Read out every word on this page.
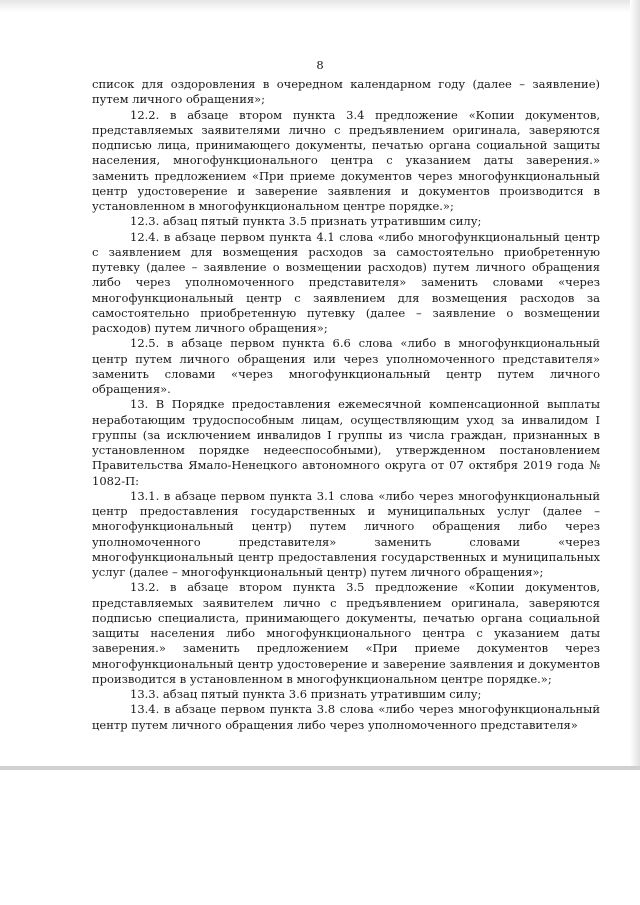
8

список для оздоровления в очередном календарном году (далее – заявление) путем личного обращения»;

12.2. в абзаце втором пункта 3.4 предложение «Копии документов, представляемых заявителями лично с предъявлением оригинала, заверяются подписью лица, принимающего документы, печатью органа социальной защиты населения, многофункционального центра с указанием даты заверения.» заменить предложением «При приеме документов через многофункциональный центр удостоверение и заверение заявления и документов производится в установленном в многофункциональном центре порядке.»;

12.3. абзац пятый пункта 3.5 признать утратившим силу;

12.4. в абзаце первом пункта 4.1 слова «либо многофункциональный центр с заявлением для возмещения расходов за самостоятельно приобретенную путевку (далее – заявление о возмещении расходов) путем личного обращения либо через уполномоченного представителя» заменить словами «через многофункциональный центр с заявлением для возмещения расходов за самостоятельно приобретенную путевку (далее – заявление о возмещении расходов) путем личного обращения»;

12.5. в абзаце первом пункта 6.6 слова «либо в многофункциональный центр путем личного обращения или через уполномоченного представителя» заменить словами «через многофункциональный центр путем личного обращения».

13. В Порядке предоставления ежемесячной компенсационной выплаты неработающим трудоспособным лицам, осуществляющим уход за инвалидом I группы (за исключением инвалидов I группы из числа граждан, признанных в установленном порядке недееспособными), утвержденном постановлением Правительства Ямало-Ненецкого автономного округа от 07 октября 2019 года № 1082-П:

13.1. в абзаце первом пункта 3.1 слова «либо через многофункциональный центр предоставления государственных и муниципальных услуг (далее – многофункциональный центр) путем личного обращения либо через уполномоченного представителя» заменить словами «через многофункциональный центр предоставления государственных и муниципальных услуг (далее – многофункциональный центр) путем личного обращения»;

13.2. в абзаце втором пункта 3.5 предложение «Копии документов, представляемых заявителем лично с предъявлением оригинала, заверяются подписью специалиста, принимающего документы, печатью органа социальной защиты населения либо многофункционального центра с указанием даты заверения.» заменить предложением «При приеме документов через многофункциональный центр удостоверение и заверение заявления и документов производится в установленном в многофункциональном центре порядке.»;

13.3. абзац пятый пункта 3.6 признать утратившим силу;

13.4. в абзаце первом пункта 3.8 слова «либо через многофункциональный центр путем личного обращения либо через уполномоченного представителя»
